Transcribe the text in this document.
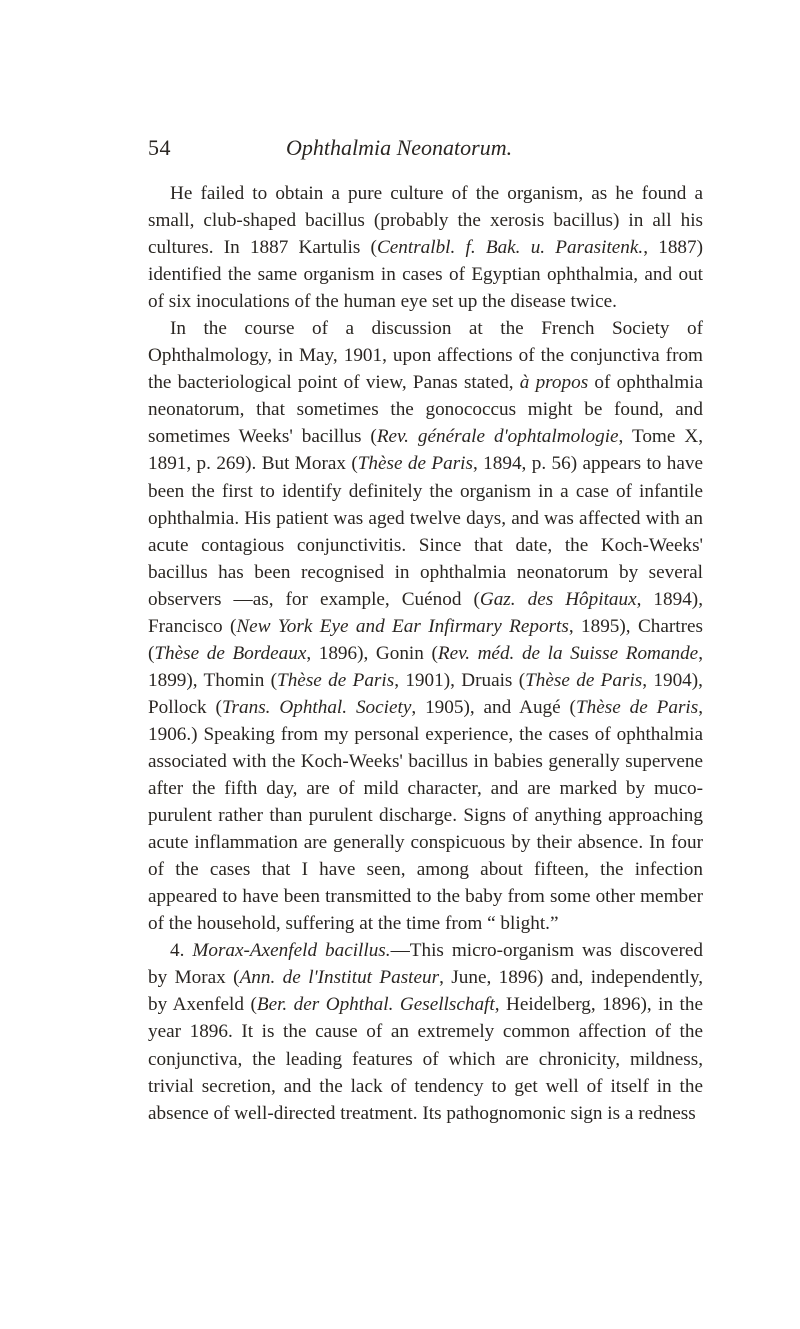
54	Ophthalmia Neonatorum.

He failed to obtain a pure culture of the organism, as he found a small, club-shaped bacillus (probably the xerosis bacillus) in all his cultures. In 1887 Kartulis (Centralbl. f. Bak. u. Parasitenk., 1887) identified the same organism in cases of Egyptian ophthalmia, and out of six inoculations of the human eye set up the disease twice.

In the course of a discussion at the French Society of Ophthalmology, in May, 1901, upon affections of the conjunctiva from the bacteriological point of view, Panas stated, à propos of ophthalmia neonatorum, that sometimes the gonococcus might be found, and sometimes Weeks' bacillus (Rev. générale d'ophtalmologie, Tome X, 1891, p. 269). But Morax (Thèse de Paris, 1894, p. 56) appears to have been the first to identify definitely the organism in a case of infantile ophthalmia. His patient was aged twelve days, and was affected with an acute contagious conjunctivitis. Since that date, the Koch-Weeks' bacillus has been recognised in ophthalmia neonatorum by several observers —as, for example, Cuénod (Gaz. des Hôpitaux, 1894), Francisco (New York Eye and Ear Infirmary Reports, 1895), Chartres (Thèse de Bordeaux, 1896), Gonin (Rev. méd. de la Suisse Romande, 1899), Thomin (Thèse de Paris, 1901), Druais (Thèse de Paris, 1904), Pollock (Trans. Ophthal. Society, 1905), and Augé (Thèse de Paris, 1906.) Speaking from my personal experience, the cases of ophthalmia associated with the Koch-Weeks' bacillus in babies generally supervene after the fifth day, are of mild character, and are marked by muco-purulent rather than purulent discharge. Signs of anything approaching acute inflammation are generally conspicuous by their absence. In four of the cases that I have seen, among about fifteen, the infection appeared to have been transmitted to the baby from some other member of the household, suffering at the time from “ blight.”

4. Morax-Axenfeld bacillus.—This micro-organism was discovered by Morax (Ann. de l'Institut Pasteur, June, 1896) and, independently, by Axenfeld (Ber. der Ophthal. Gesellschaft, Heidelberg, 1896), in the year 1896. It is the cause of an extremely common affection of the conjunctiva, the leading features of which are chronicity, mildness, trivial secretion, and the lack of tendency to get well of itself in the absence of well-directed treatment. Its pathognomonic sign is a redness
